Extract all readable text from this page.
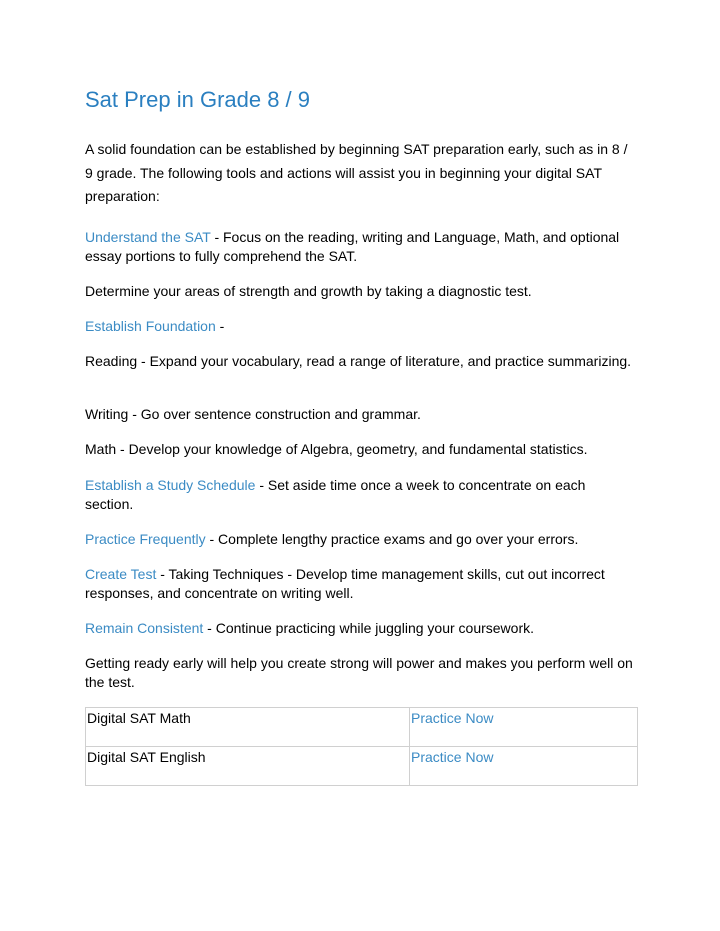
Sat Prep in Grade 8 / 9

A solid foundation can be established by beginning SAT preparation early, such as in 8 / 9 grade. The following tools and actions will assist you in beginning your digital SAT preparation:

Understand the SAT - Focus on the reading, writing and Language, Math, and optional essay portions to fully comprehend the SAT.

Determine your areas of strength and growth by taking a diagnostic test.

Establish Foundation -

Reading - Expand your vocabulary, read a range of literature, and practice summarizing.

Writing - Go over sentence construction and grammar.

Math - Develop your knowledge of Algebra, geometry, and fundamental statistics.

Establish a Study Schedule - Set aside time once a week to concentrate on each section.

Practice Frequently - Complete lengthy practice exams and go over your errors.

Create Test - Taking Techniques - Develop time management skills, cut out incorrect responses, and concentrate on writing well.

Remain Consistent - Continue practicing while juggling your coursework.

Getting ready early will help you create strong will power and makes you perform well on the test.

Digital SAT Math	Practice Now
Digital SAT English	Practice Now
